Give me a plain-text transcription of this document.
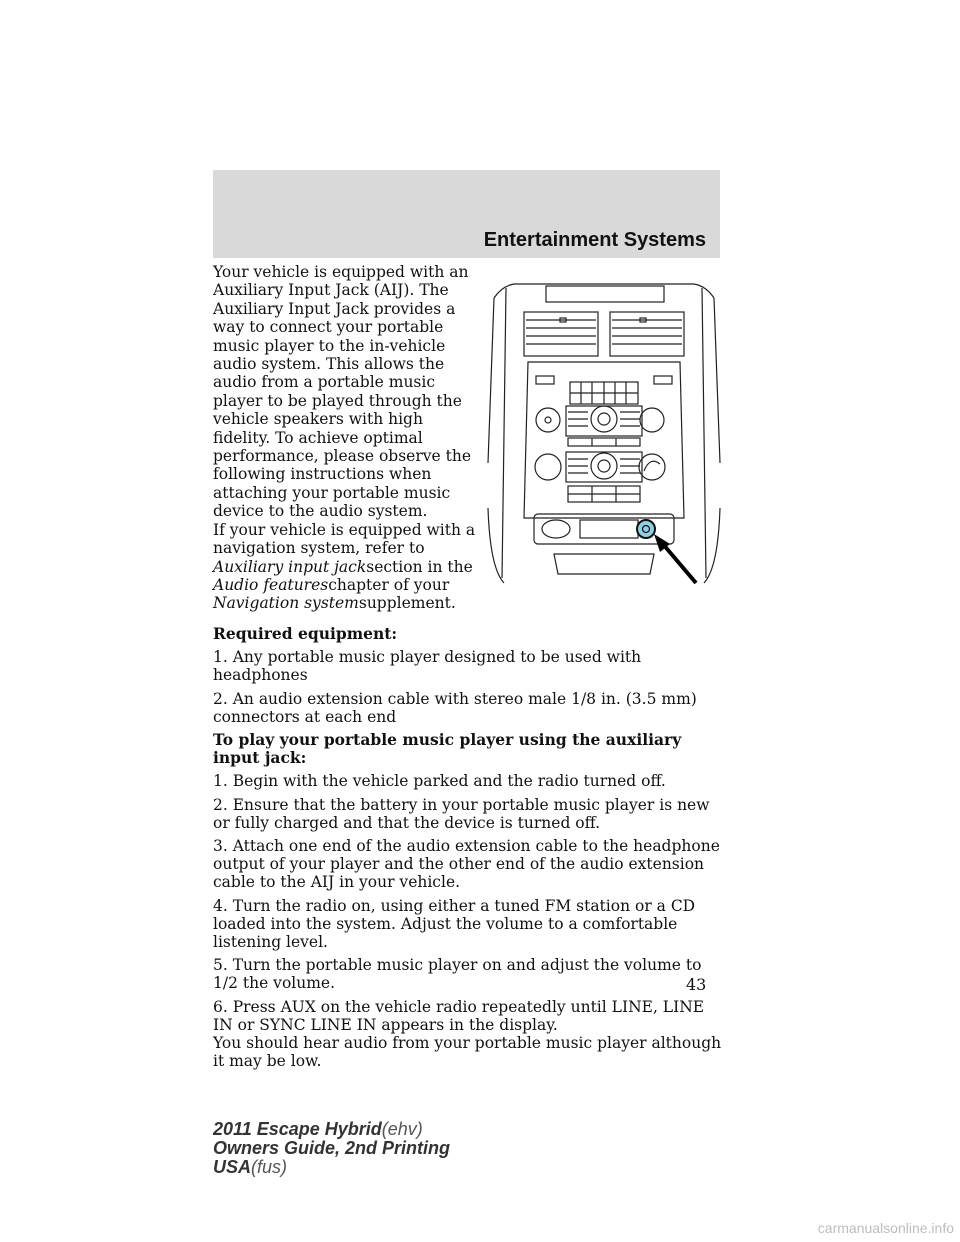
Entertainment Systems

Your vehicle is equipped with an Auxiliary Input Jack (AIJ). The Auxiliary Input Jack provides a way to connect your portable music player to the in-vehicle audio system. This allows the audio from a portable music player to be played through the vehicle speakers with high fidelity. To achieve optimal performance, please observe the following instructions when attaching your portable music device to the audio system.

If your vehicle is equipped with a navigation system, refer to Auxiliary input jacksection in the Audio featureschapter of your Navigation systemsupplement.

Required equipment:

1. Any portable music player designed to be used with headphones

2. An audio extension cable with stereo male 1/8 in. (3.5 mm) connectors at each end

To play your portable music player using the auxiliary input jack:

1. Begin with the vehicle parked and the radio turned off.

2. Ensure that the battery in your portable music player is new or fully charged and that the device is turned off.

3. Attach one end of the audio extension cable to the headphone output of your player and the other end of the audio extension cable to the AIJ in your vehicle.

4. Turn the radio on, using either a tuned FM station or a CD loaded into the system. Adjust the volume to a comfortable listening level.

5. Turn the portable music player on and adjust the volume to 1/2 the volume.

6. Press AUX on the vehicle radio repeatedly until LINE, LINE IN or SYNC LINE IN appears in the display.

You should hear audio from your portable music player although it may be low.

43
2011 Escape Hybrid(ehv)
Owners Guide, 2nd Printing
USA(fus)
carmanualsonline.info
